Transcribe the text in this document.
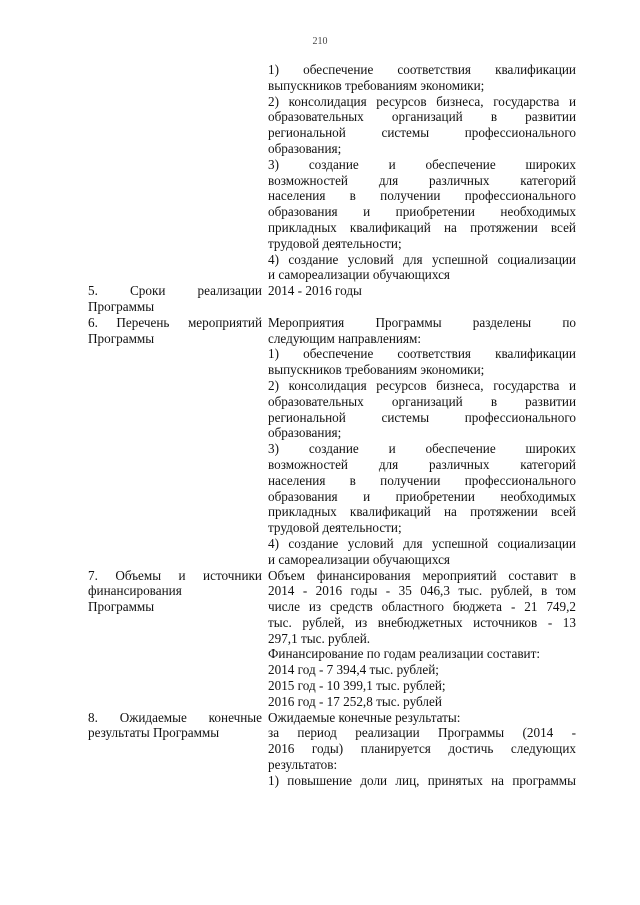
210
1) обеспечение соответствия квалификации
выпускников требованиям экономики;
2) консолидация ресурсов бизнеса, государства и
образовательных организаций в развитии
региональной системы профессионального
образования;
3) создание и обеспечение широких
возможностей для различных категорий
населения в получении профессионального
образования и приобретении необходимых
прикладных квалификаций на протяжении всей
трудовой деятельности;
4) создание условий для успешной социализации
и самореализации обучающихся
5. Сроки реализации
Программы
2014 - 2016 годы
6. Перечень мероприятий
Программы
Мероприятия Программы разделены по
следующим направлениям:
1) обеспечение соответствия квалификации
выпускников требованиям экономики;
2) консолидация ресурсов бизнеса, государства и
образовательных организаций в развитии
региональной системы профессионального
образования;
3) создание и обеспечение широких
возможностей для различных категорий
населения в получении профессионального
образования и приобретении необходимых
прикладных квалификаций на протяжении всей
трудовой деятельности;
4) создание условий для успешной социализации
и самореализации обучающихся
7. Объемы и источники
финансирования
Программы
Объем финансирования мероприятий составит в
2014 - 2016 годы - 35 046,3 тыс. рублей, в том
числе из средств областного бюджета - 21 749,2
тыс. рублей, из внебюджетных источников - 13
297,1 тыс. рублей.
Финансирование по годам реализации составит:
2014 год - 7 394,4 тыс. рублей;
2015 год - 10 399,1 тыс. рублей;
2016 год - 17 252,8 тыс. рублей
8. Ожидаемые конечные
результаты Программы
Ожидаемые конечные результаты:
за период реализации Программы (2014 -
2016 годы) планируется достичь следующих
результатов:
1) повышение доли лиц, принятых на программы
